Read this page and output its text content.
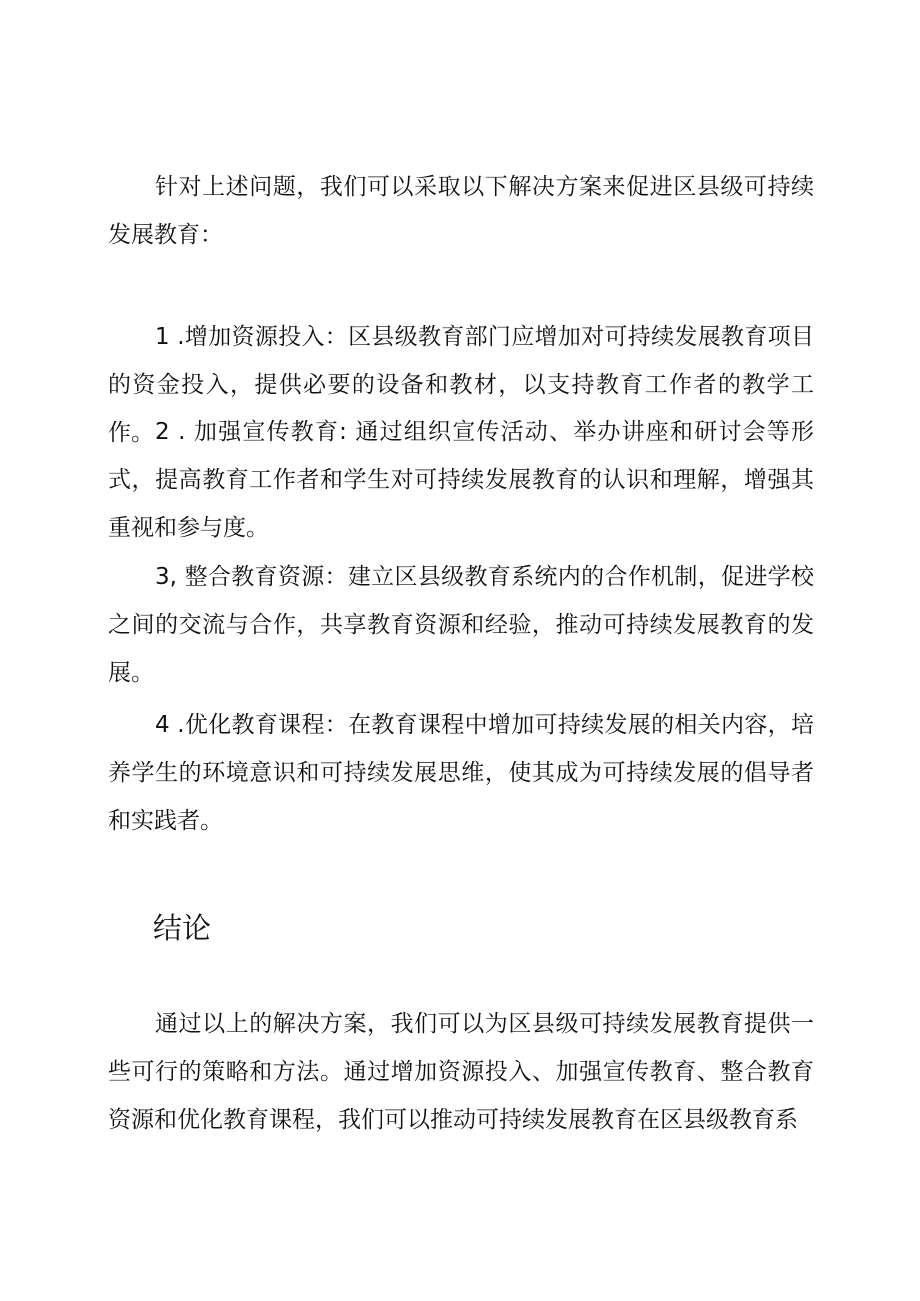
针对上述问题，我们可以采取以下解决方案来促进区县级可持续发展教育：

1 .增加资源投入：区县级教育部门应增加对可持续发展教育项目的资金投入，提供必要的设备和教材，以支持教育工作者的教学工作。 2 . 加强宣传教育: 通过组织宣传活动、举办讲座和研讨会等形式，提高教育工作者和学生对可持续发展教育的认识和理解，增强其重视和参与度。

3, 整合教育资源：建立区县级教育系统内的合作机制，促进学校之间的交流与合作，共享教育资源和经验，推动可持续发展教育的发展。

4 .优化教育课程：在教育课程中增加可持续发展的相关内容，培养学生的环境意识和可持续发展思维，使其成为可持续发展的倡导者和实践者。

结论

通过以上的解决方案，我们可以为区县级可持续发展教育提供一些可行的策略和方法。通过增加资源投入、加强宣传教育、整合教育资源和优化教育课程，我们可以推动可持续发展教育在区县级教育系
